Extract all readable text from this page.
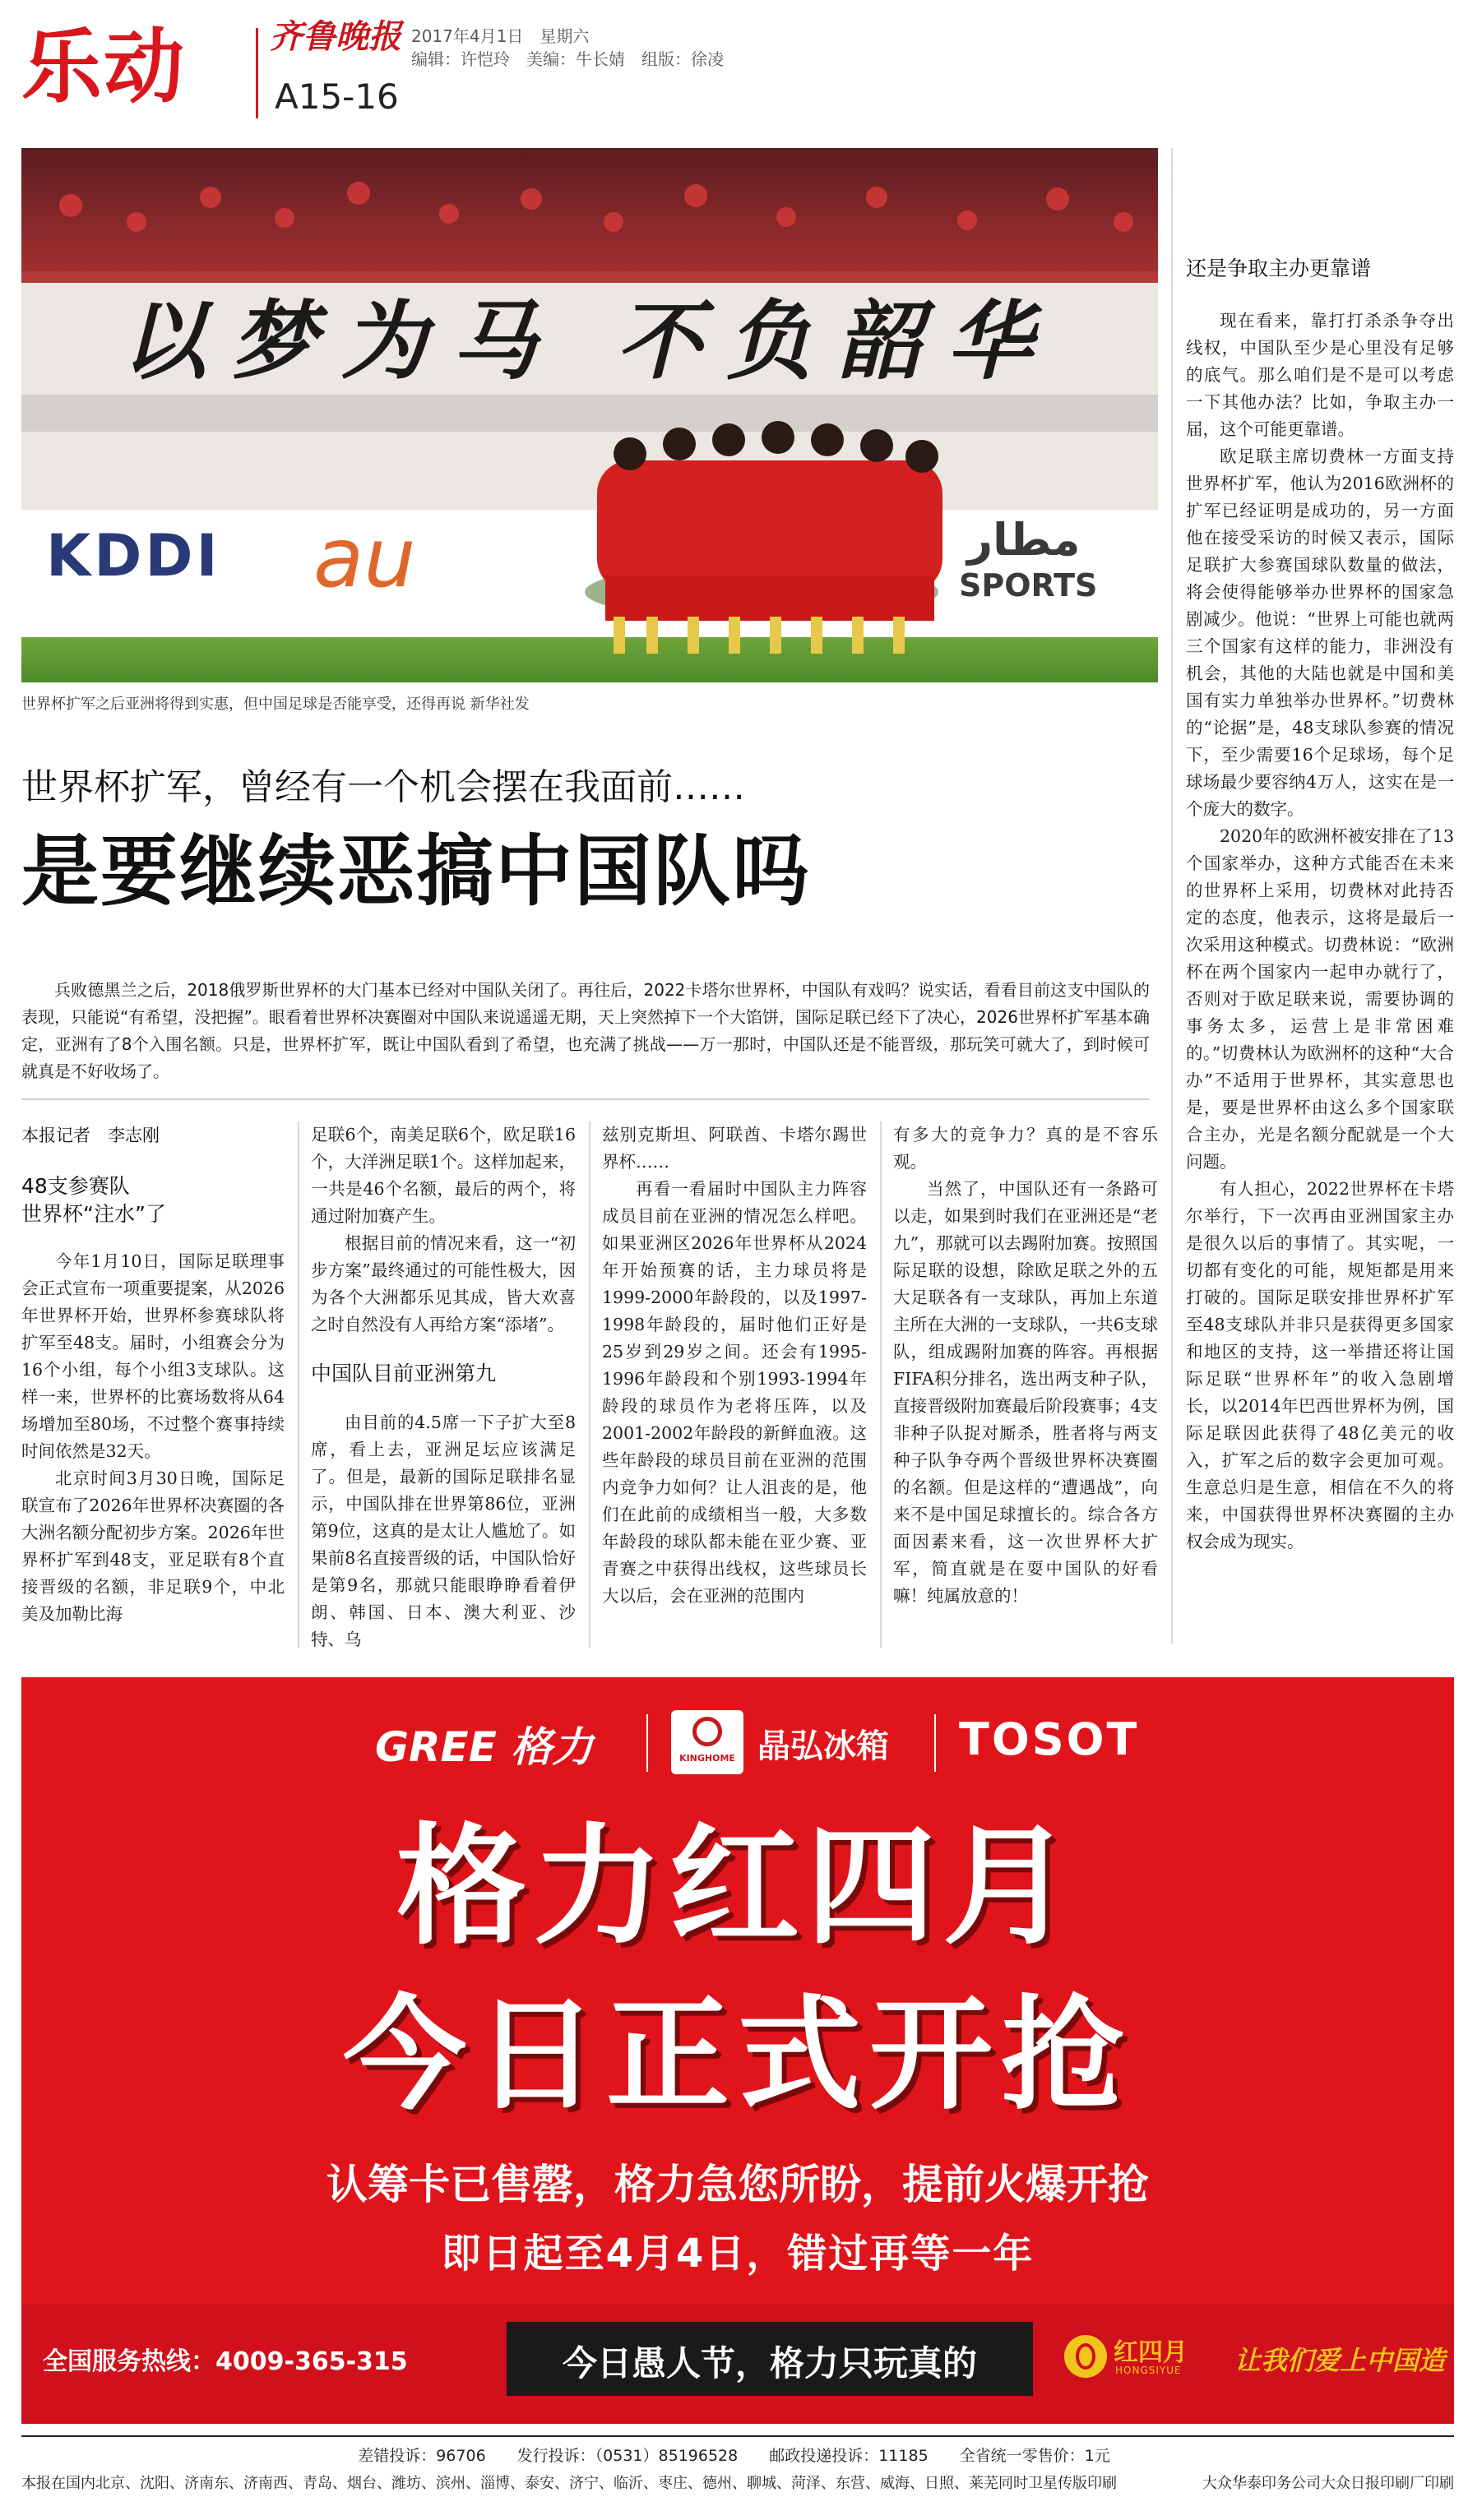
乐动	齐鲁晚报 2017年4月1日　星期六
编辑：许恺玲　美编：牛长婧　组版：徐凌
A15-16
以梦为马 不负韶华
KDDI au	مطار
SPORTS
世界杯扩军之后亚洲将得到实惠，但中国足球是否能享受，还得再说 新华社发
世界杯扩军，曾经有一个机会摆在我面前……
是要继续恶搞中国队吗
兵败德黑兰之后，2018俄罗斯世界杯的大门基本已经对中国队关闭了。再往后，2022卡塔尔世界杯，中国队有戏吗？说实话，看看目前这支中国队的表现，只能说“有希望，没把握”。眼看着世界杯决赛圈对中国队来说遥遥无期，天上突然掉下一个大馅饼，国际足联已经下了决心，2026世界杯扩军基本确定，亚洲有了8个入围名额。只是，世界杯扩军，既让中国队看到了希望，也充满了挑战——万一那时，中国队还是不能晋级，那玩笑可就大了，到时候可就真是不好收场了。
本报记者　李志刚
48支参赛队
世界杯“注水”了

今年1月10日，国际足联理事会正式宣布一项重要提案，从2026年世界杯开始，世界杯参赛球队将扩军至48支。届时，小组赛会分为16个小组，每个小组3支球队。这样一来，世界杯的比赛场数将从64场增加至80场，不过整个赛事持续时间依然是32天。

北京时间3月30日晚，国际足联宣布了2026年世界杯决赛圈的各大洲名额分配初步方案。2026年世界杯扩军到48支，亚足联有8个直接晋级的名额，非足联9个，中北美及加勒比海

足联6个，南美足联6个，欧足联16个，大洋洲足联1个。这样加起来，一共是46个名额，最后的两个，将通过附加赛产生。

根据目前的情况来看，这一“初步方案”最终通过的可能性极大，因为各个大洲都乐见其成，皆大欢喜之时自然没有人再给方案“添堵”。

中国队目前亚洲第九

由目前的4.5席一下子扩大至8席，看上去，亚洲足坛应该满足了。但是，最新的国际足联排名显示，中国队排在世界第86位，亚洲第9位，这真的是太让人尴尬了。如果前8名直接晋级的话，中国队恰好是第9名，那就只能眼睁睁看着伊朗、韩国、日本、澳大利亚、沙特、乌

兹别克斯坦、阿联酋、卡塔尔踢世界杯……

再看一看届时中国队主力阵容成员目前在亚洲的情况怎么样吧。如果亚洲区2026年世界杯从2024年开始预赛的话，主力球员将是1999-2000年龄段的，以及1997-1998年龄段的，届时他们正好是25岁到29岁之间。还会有1995-1996年龄段和个别1993-1994年龄段的球员作为老将压阵，以及2001-2002年龄段的新鲜血液。这些年龄段的球员目前在亚洲的范围内竞争力如何？让人沮丧的是，他们在此前的成绩相当一般，大多数年龄段的球队都未能在亚少赛、亚青赛之中获得出线权，这些球员长大以后，会在亚洲的范围内

有多大的竞争力？真的是不容乐观。

当然了，中国队还有一条路可以走，如果到时我们在亚洲还是“老九”，那就可以去踢附加赛。按照国际足联的设想，除欧足联之外的五大足联各有一支球队，再加上东道主所在大洲的一支球队，一共6支球队，组成踢附加赛的阵容。再根据FIFA积分排名，选出两支种子队，直接晋级附加赛最后阶段赛事；4支非种子队捉对厮杀，胜者将与两支种子队争夺两个晋级世界杯决赛圈的名额。但是这样的“遭遇战”，向来不是中国足球擅长的。综合各方面因素来看，这一次世界杯大扩军，简直就是在耍中国队的好看嘛！纯属放意的！

还是争取主办更靠谱

现在看来，靠打打杀杀争夺出线权，中国队至少是心里没有足够的底气。那么咱们是不是可以考虑一下其他办法？比如，争取主办一届，这个可能更靠谱。

欧足联主席切费林一方面支持世界杯扩军，他认为2016欧洲杯的扩军已经证明是成功的，另一方面他在接受采访的时候又表示，国际足联扩大参赛国球队数量的做法，将会使得能够举办世界杯的国家急剧减少。他说：“世界上可能也就两三个国家有这样的能力，非洲没有机会，其他的大陆也就是中国和美国有实力单独举办世界杯。”切费林的“论据”是，48支球队参赛的情况下，至少需要16个足球场，每个足球场最少要容纳4万人，这实在是一个庞大的数字。

2020年的欧洲杯被安排在了13个国家举办，这种方式能否在未来的世界杯上采用，切费林对此持否定的态度，他表示，这将是最后一次采用这种模式。切费林说：“欧洲杯在两个国家内一起申办就行了，否则对于欧足联来说，需要协调的事务太多，运营上是非常困难的。”切费林认为欧洲杯的这种“大合办”不适用于世界杯，其实意思也是，要是世界杯由这么多个国家联合主办，光是名额分配就是一个大问题。

有人担心，2022世界杯在卡塔尔举行，下一次再由亚洲国家主办是很久以后的事情了。其实呢，一切都有变化的可能，规矩都是用来打破的。国际足联安排世界杯扩军至48支球队并非只是获得更多国家和地区的支持，这一举措还将让国际足联“世界杯年”的收入急剧增长，以2014年巴西世界杯为例，国际足联因此获得了48亿美元的收入，扩军之后的数字会更加可观。生意总归是生意，相信在不久的将来，中国获得世界杯决赛圈的主办权会成为现实。

GREE 格力	KINGHOME 晶弘冰箱 TOSOT
格力红四月
今日正式开抢
认筹卡已售罄，格力急您所盼，提前火爆开抢
即日起至4月4日，错过再等一年
全国服务热线：4009-365-315	今日愚人节，格力只玩真的	红四月
HONGSIYUE 让我们爱上中国造
差错投诉：96706　　发行投诉：（0531）85196528　　邮政投递投诉：11185　　全省统一零售价：1元
本报在国内北京、沈阳、济南东、济南西、青岛、烟台、潍坊、滨州、淄博、泰安、济宁、临沂、枣庄、德州、聊城、菏泽、东营、威海、日照、莱芜同时卫星传版印刷	大众华泰印务公司大众日报印刷厂印刷
